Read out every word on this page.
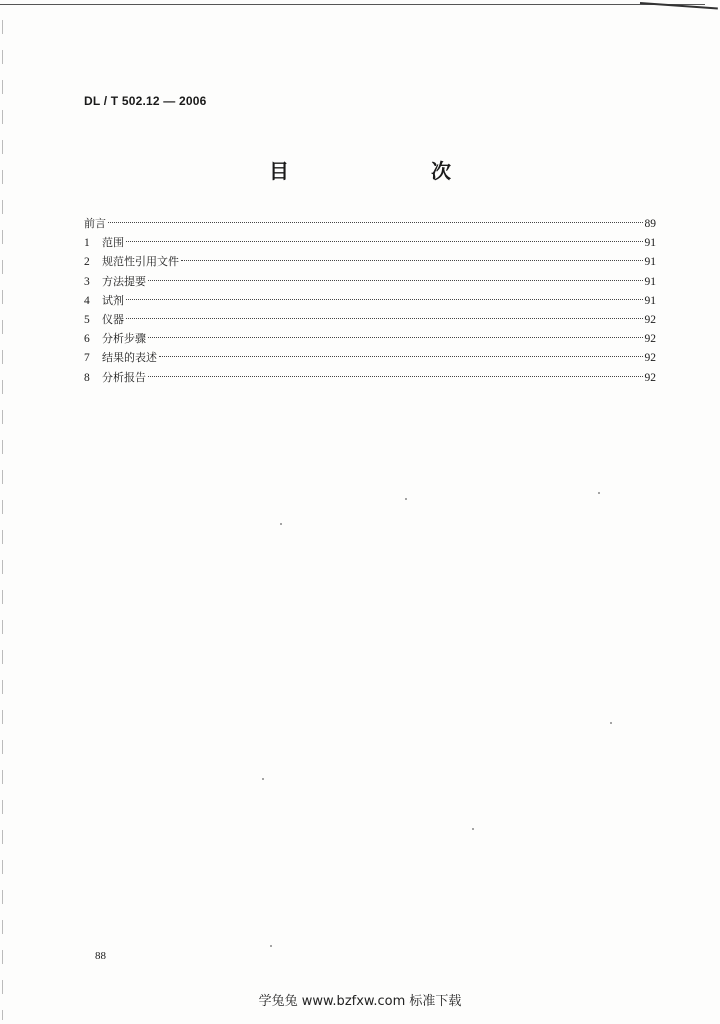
DL / T 502.12 — 2006
目　　次
前言	89
1	范围	91
2	规范性引用文件	91
3	方法提要	91
4	试剂	91
5	仪器	92
6	分析步骤	92
7	结果的表述	92
8	分析报告	92
88
学兔兔 www.bzfxw.com 标准下载
